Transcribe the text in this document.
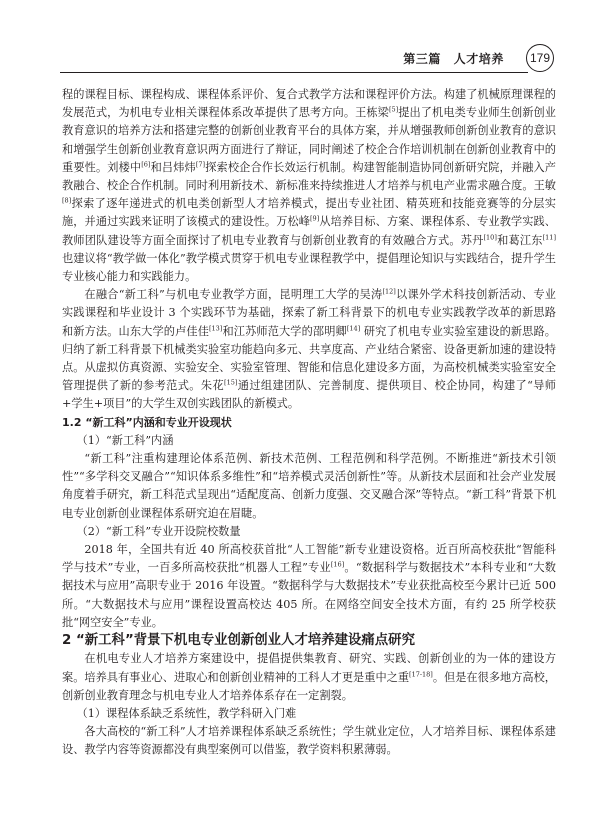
第三篇　人才培养	179

程的课程目标、课程构成、课程体系评价、复合式教学方法和课程评价方法。构建了机械原理课程的发展范式，为机电专业相关课程体系改革提供了思考方向。王栋梁[5]提出了机电类专业师生创新创业教育意识的培养方法和搭建完整的创新创业教育平台的具体方案，并从增强教师创新创业教育的意识和增强学生创新创业教育意识两方面进行了辩证，同时阐述了校企合作培训机制在创新创业教育中的重要性。刘楼中[6]和吕炜炜[7]探索校企合作长效运行机制。构建智能制造协同创新研究院，并融入产教融合、校企合作机制。同时利用新技术、新标准来持续推进人才培养与机电产业需求融合度。王敏[8]探索了逐年递进式的机电类创新型人才培养模式，提出专业社团、精英班和技能竞赛等的分层实施，并通过实践来证明了该模式的建设性。万松峰[9]从培养目标、方案、课程体系、专业教学实践、教师团队建设等方面全面探讨了机电专业教育与创新创业教育的有效融合方式。苏丹[10]和葛江东[11]也建议将“教学做一体化”教学模式贯穿于机电专业课程教学中，提倡理论知识与实践结合，提升学生专业核心能力和实践能力。

在融合“新工科”与机电专业教学方面，昆明理工大学的吴涛[12]以课外学术科技创新活动、专业实践课程和毕业设计 3 个实践环节为基础，探索了新工科背景下的机电专业实践教学改革的新思路和新方法。山东大学的卢佳佳[13]和江苏师范大学的邵明卿[14] 研究了机电专业实验室建设的新思路。归纳了新工科背景下机械类实验室功能趋向多元、共享度高、产业结合紧密、设备更新加速的建设特点。从虚拟仿真资源、实验安全、实验室管理、智能和信息化建设多方面，为高校机械类实验室安全管理提供了新的参考范式。朱花[15]通过组建团队、完善制度、提供项目、校企协同，构建了“导师+学生+项目”的大学生双创实践团队的新模式。

1.2 “新工科”内涵和专业开设现状

（1）“新工科”内涵

“新工科”注重构建理论体系范例、新技术范例、工程范例和科学范例。不断推进“新技术引领性”“多学科交叉融合”“知识体系多维性”和“培养模式灵活创新性”等。从新技术层面和社会产业发展角度着手研究，新工科范式呈现出“适配度高、创新力度强、交叉融合深”等特点。“新工科”背景下机电专业创新创业课程体系研究迫在眉睫。

（2）“新工科”专业开设院校数量

2018 年，全国共有近 40 所高校获首批“人工智能”新专业建设资格。近百所高校获批“智能科学与技术”专业，一百多所高校获批“机器人工程”专业[16]。“数据科学与数据技术”本科专业和“大数据技术与应用”高职专业于 2016 年设置。“数据科学与大数据技术”专业获批高校至今累计已近 500 所。“大数据技术与应用”课程设置高校达 405 所。在网络空间安全技术方面，有约 25 所学校获批“网空安全”专业。

2 “新工科”背景下机电专业创新创业人才培养建设痛点研究

在机电专业人才培养方案建设中，提倡提供集教育、研究、实践、创新创业的为一体的建设方案。培养具有事业心、进取心和创新创业精神的工科人才更是重中之重[17-18]。但是在很多地方高校，创新创业教育理念与机电专业人才培养体系存在一定割裂。

（1）课程体系缺乏系统性，教学科研入门难

各大高校的“新工科”人才培养课程体系缺乏系统性；学生就业定位，人才培养目标、课程体系建设、教学内容等资源都没有典型案例可以借鉴，教学资料积累薄弱。
